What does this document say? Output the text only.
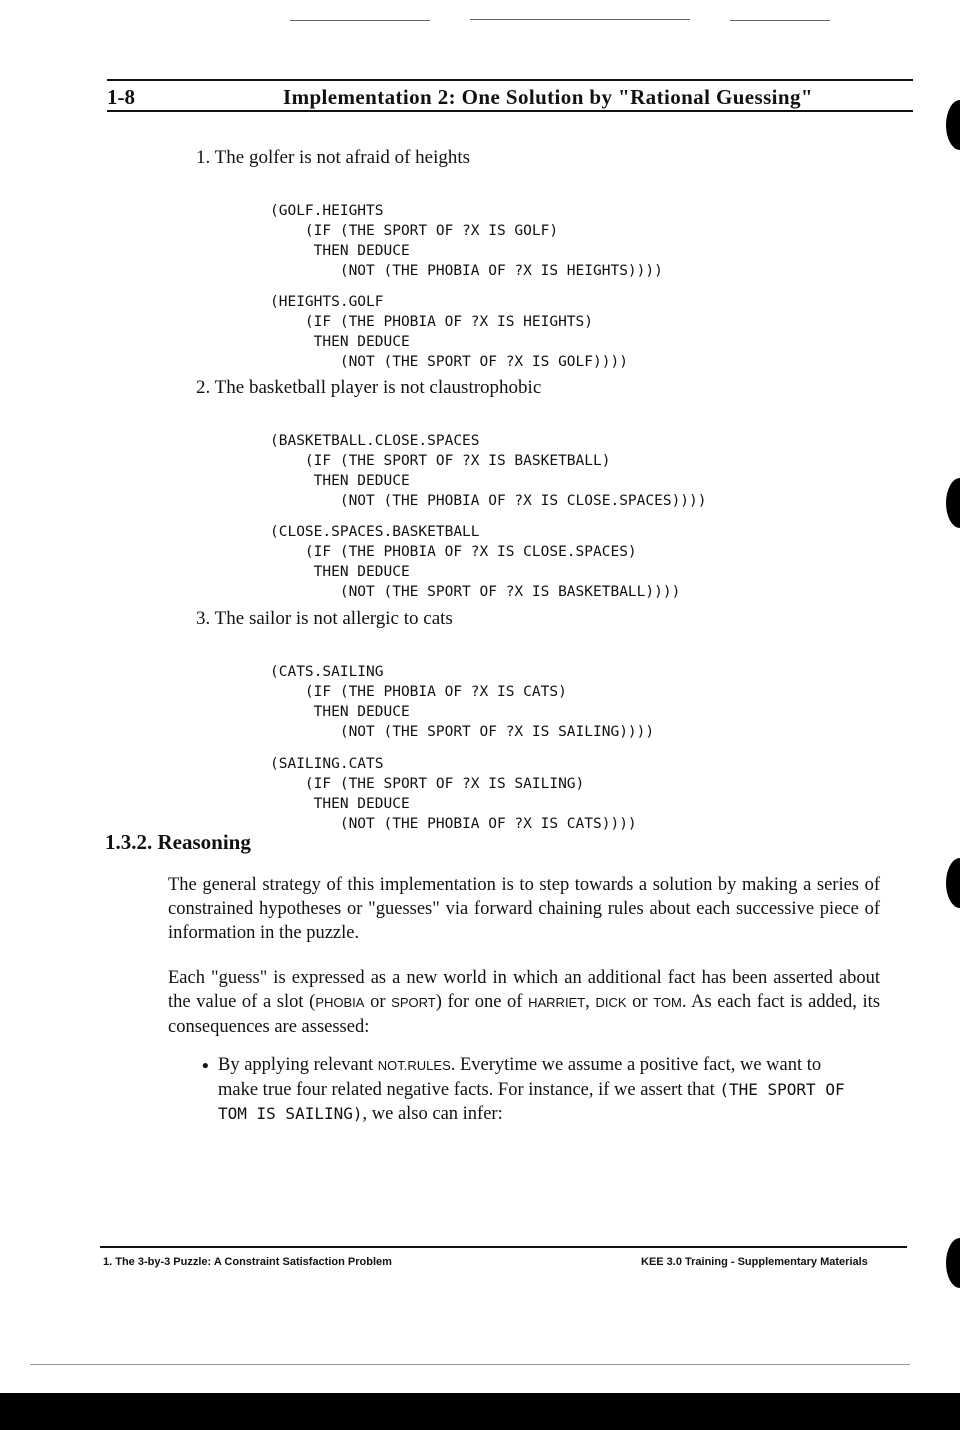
1-8	Implementation 2: One Solution by "Rational Guessing"
1. The golfer is not afraid of heights

(GOLF.HEIGHTS
(IF (THE SPORT OF ?X IS GOLF)
THEN DEDUCE
(NOT (THE PHOBIA OF ?X IS HEIGHTS))))

(HEIGHTS.GOLF
(IF (THE PHOBIA OF ?X IS HEIGHTS)
THEN DEDUCE
(NOT (THE SPORT OF ?X IS GOLF))))

2. The basketball player is not claustrophobic

(BASKETBALL.CLOSE.SPACES
(IF (THE SPORT OF ?X IS BASKETBALL)
THEN DEDUCE
(NOT (THE PHOBIA OF ?X IS CLOSE.SPACES))))

(CLOSE.SPACES.BASKETBALL
(IF (THE PHOBIA OF ?X IS CLOSE.SPACES)
THEN DEDUCE
(NOT (THE SPORT OF ?X IS BASKETBALL))))

3. The sailor is not allergic to cats

(CATS.SAILING
(IF (THE PHOBIA OF ?X IS CATS)
THEN DEDUCE
(NOT (THE SPORT OF ?X IS SAILING))))

(SAILING.CATS
(IF (THE SPORT OF ?X IS SAILING)
THEN DEDUCE
(NOT (THE PHOBIA OF ?X IS CATS))))

1.3.2. Reasoning
The general strategy of this implementation is to step towards a solution by making a series of constrained hypotheses or "guesses" via forward chaining rules about each successive piece of information in the puzzle.
Each "guess" is expressed as a new world in which an additional fact has been asserted about the value of a slot (PHOBIA or SPORT) for one of HARRIET, DICK or TOM. As each fact is added, its consequences are assessed:
• By applying relevant NOT.RULES. Everytime we assume a positive fact, we want to make true four related negative facts. For instance, if we assert that (THE SPORT OF TOM IS SAILING), we also can infer:
1. The 3-by-3 Puzzle: A Constraint Satisfaction Problem	KEE 3.0 Training - Supplementary Materials
